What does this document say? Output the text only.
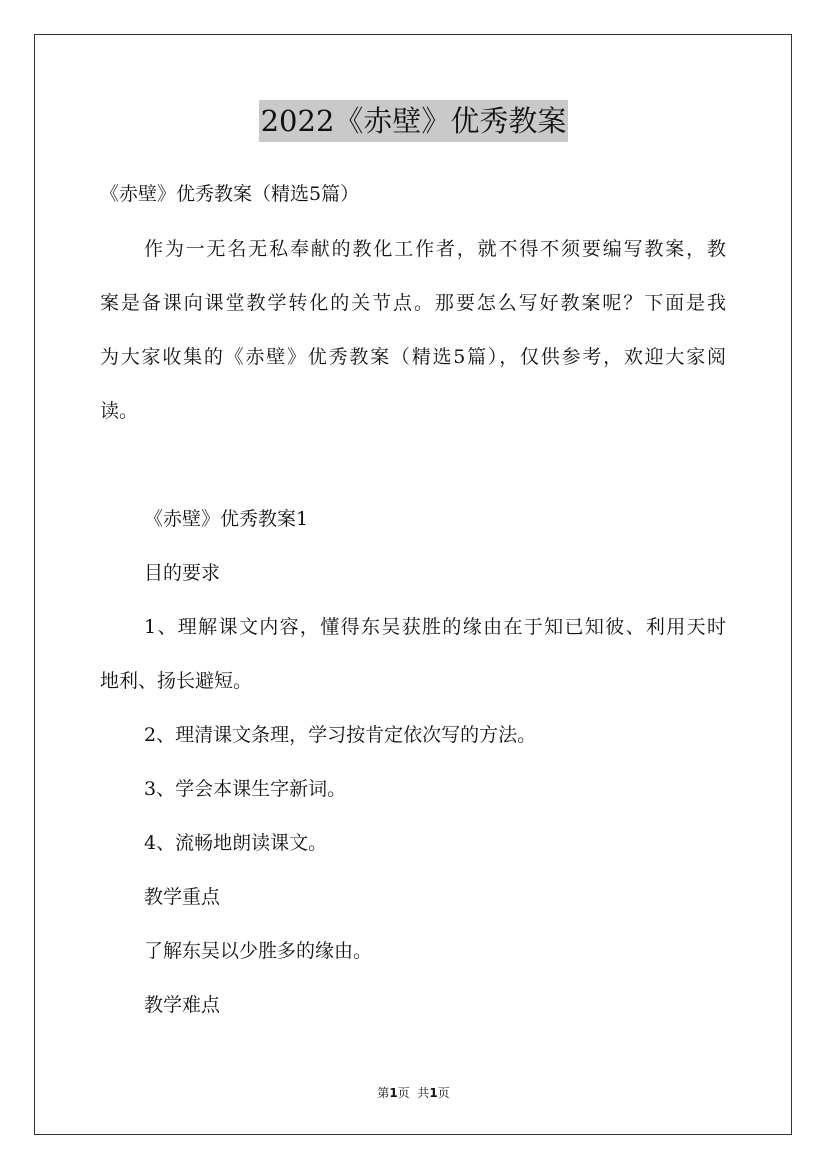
2022《赤壁》优秀教案
《赤壁》优秀教案（精选5篇）
作为一无名无私奉献的教化工作者，就不得不须要编写教案，教
案是备课向课堂教学转化的关节点。那要怎么写好教案呢？下面是我
为大家收集的《赤壁》优秀教案（精选5篇），仅供参考，欢迎大家阅
读。
《赤壁》优秀教案1
目的要求
1、理解课文内容，懂得东吴获胜的缘由在于知已知彼、利用天时
地利、扬长避短。
2、理清课文条理，学习按肯定依次写的方法。
3、学会本课生字新词。
4、流畅地朗读课文。
教学重点
了解东吴以少胜多的缘由。
教学难点
第1页  共1页
